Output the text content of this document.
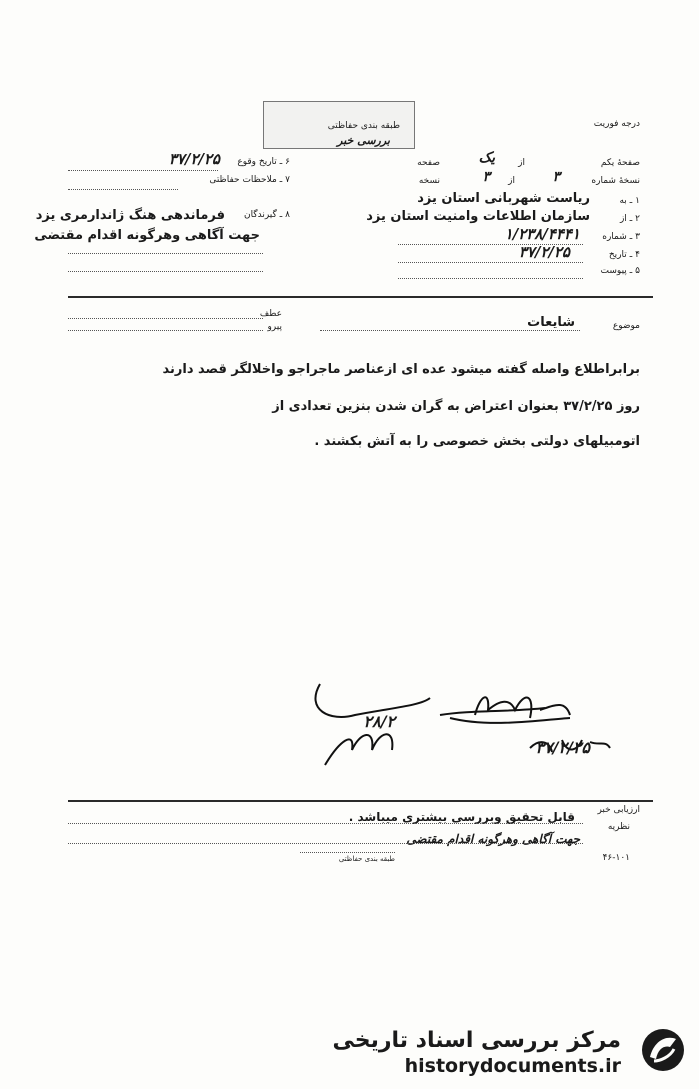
درجه فوریت
طبقه بندی حفاظتی
بررسی خبر
۳۷/۲/۲۵	۶ ـ تاریخ وقوع
۷ ـ ملاحظات حفاظتی
۸ ـ گیرندگان
فرماندهی هنگ ژاندارمری یزد
جهت آگاهی وهرگونه اقدام مقتضی
صفحهٔ یکم
از
یک
صفحه
نسخهٔ شماره
۳
از
۳
نسخه
۱ ـ به
ریاست شهربانی استان یزد
۲ ـ از
سازمان اطلاعات وامنیت استان یزد
۳ ـ شماره
۱/۲۳۸/۴۴۴۱
۴ ـ تاریخ
۳۷/۲/۲۵
۵ ـ پیوست
عطف
پیرو	موضوع
شایعات
برابراطلاع واصله گفته میشود عده ای ازعناصر ماجراجو واخلالگر قصد دارند
روز ۳۷/۲/۲۵ بعنوان اعتراض به گران شدن بنزین تعدادی از
اتومبیلهای دولتی بخش خصوصی را به آتش بکشند .
۲۸/۲
۳۷/۲/۲۵
ارزیابی خبر
قابل تحقیق وبررسی بیشتری میباشد .
نظریه
جهت آگاهی وهرگونه اقدام مقتضی
۴۶-۱۰۱
طبقه بندی حفاظتی
مرکز بررسی اسناد تاریخی
historydocuments.ir
